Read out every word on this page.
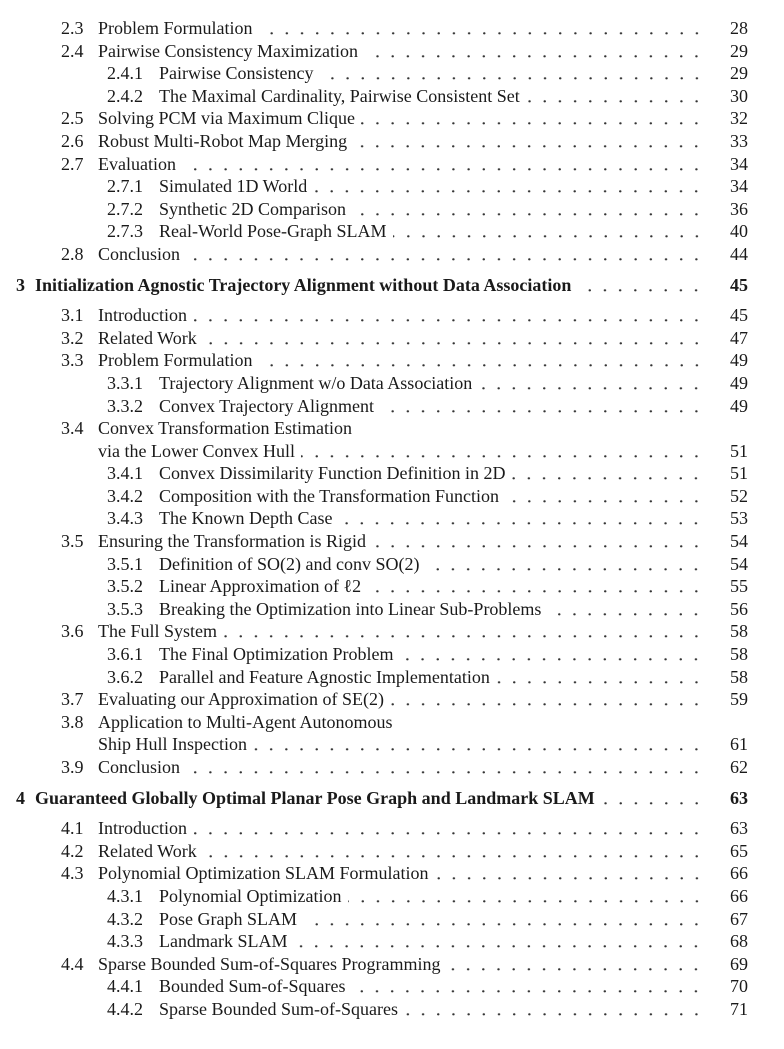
2.3 Problem Formulation	28
2.4 Pairwise Consistency Maximization	29
2.4.1 Pairwise Consistency	29
2.4.2 The Maximal Cardinality, Pairwise Consistent Set	30
2.5 Solving PCM via Maximum Clique	32
2.6 Robust Multi-Robot Map Merging	33
2.7 Evaluation	34
2.7.1 Simulated 1D World	34
2.7.2 Synthetic 2D Comparison	36
2.7.3 Real-World Pose-Graph SLAM	40
2.8 Conclusion	44
3 Initialization Agnostic Trajectory Alignment without Data Association	45
3.1 Introduction	45
3.2 Related Work	47
3.3 Problem Formulation	49
3.3.1 Trajectory Alignment w/o Data Association	49
3.3.2 Convex Trajectory Alignment	49
3.4 Convex Transformation Estimation
via the Lower Convex Hull	51
3.4.1 Convex Dissimilarity Function Definition in 2D	51
3.4.2 Composition with the Transformation Function	52
3.4.3 The Known Depth Case	53
3.5 Ensuring the Transformation is Rigid	54
3.5.1 Definition of SO(2) and conv SO(2)	54
3.5.2 Linear Approximation of ℓ2	55
3.5.3 Breaking the Optimization into Linear Sub-Problems	56
3.6 The Full System	58
3.6.1 The Final Optimization Problem	58
3.6.2 Parallel and Feature Agnostic Implementation	58
3.7 Evaluating our Approximation of SE(2)	59
3.8 Application to Multi-Agent Autonomous
Ship Hull Inspection	61
3.9 Conclusion	62
4 Guaranteed Globally Optimal Planar Pose Graph and Landmark SLAM	63
4.1 Introduction	63
4.2 Related Work	65
4.3 Polynomial Optimization SLAM Formulation	66
4.3.1 Polynomial Optimization	66
4.3.2 Pose Graph SLAM	67
4.3.3 Landmark SLAM	68
4.4 Sparse Bounded Sum-of-Squares Programming	69
4.4.1 Bounded Sum-of-Squares	70
4.4.2 Sparse Bounded Sum-of-Squares	71
